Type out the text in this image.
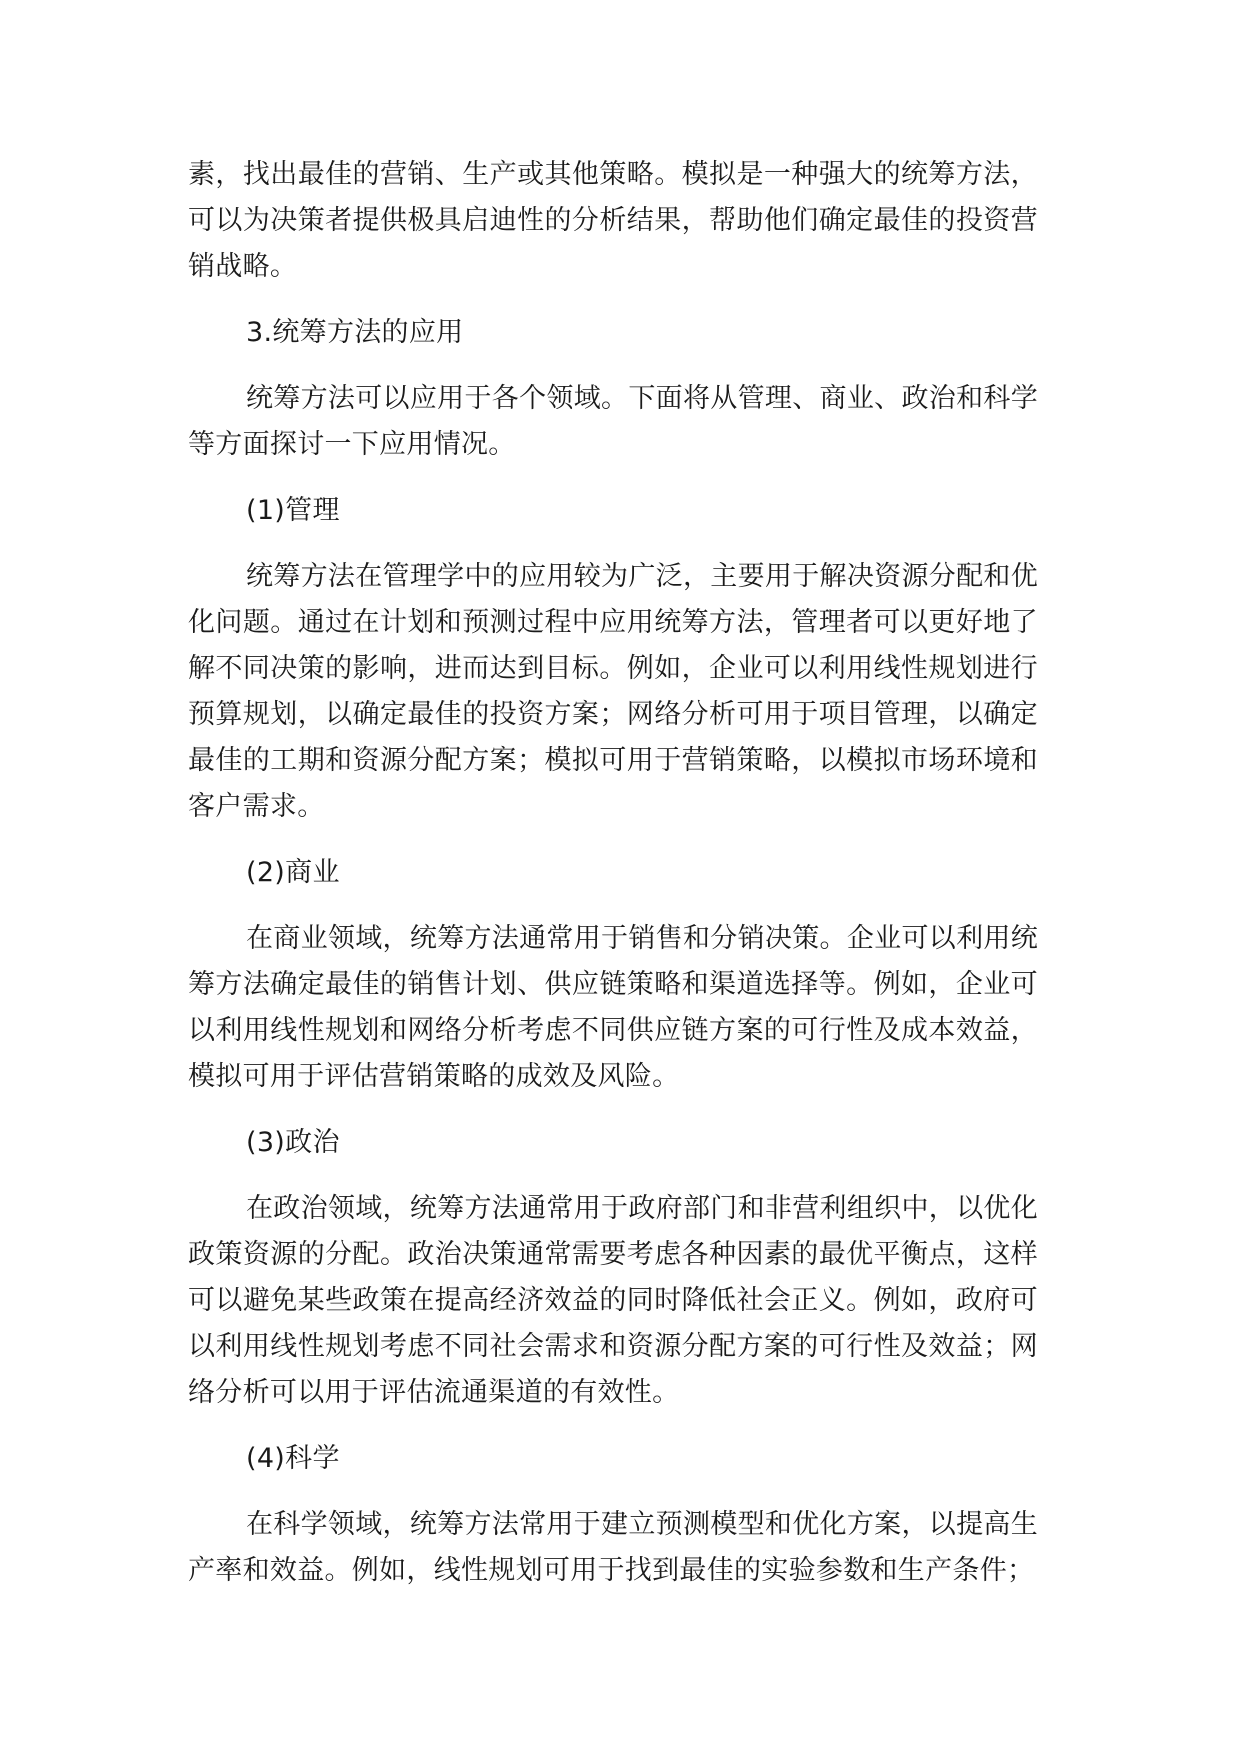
素，找出最佳的营销、生产或其他策略。模拟是一种强大的统筹方法，可以为决策者提供极具启迪性的分析结果，帮助他们确定最佳的投资营销战略。

3.统筹方法的应用

统筹方法可以应用于各个领域。下面将从管理、商业、政治和科学等方面探讨一下应用情况。

(1)管理

统筹方法在管理学中的应用较为广泛，主要用于解决资源分配和优化问题。通过在计划和预测过程中应用统筹方法，管理者可以更好地了解不同决策的影响，进而达到目标。例如，企业可以利用线性规划进行预算规划，以确定最佳的投资方案；网络分析可用于项目管理，以确定最佳的工期和资源分配方案；模拟可用于营销策略，以模拟市场环境和客户需求。

(2)商业

在商业领域，统筹方法通常用于销售和分销决策。企业可以利用统筹方法确定最佳的销售计划、供应链策略和渠道选择等。例如，企业可以利用线性规划和网络分析考虑不同供应链方案的可行性及成本效益，模拟可用于评估营销策略的成效及风险。

(3)政治

在政治领域，统筹方法通常用于政府部门和非营利组织中，以优化政策资源的分配。政治决策通常需要考虑各种因素的最优平衡点，这样可以避免某些政策在提高经济效益的同时降低社会正义。例如，政府可以利用线性规划考虑不同社会需求和资源分配方案的可行性及效益；网络分析可以用于评估流通渠道的有效性。

(4)科学

在科学领域，统筹方法常用于建立预测模型和优化方案，以提高生产率和效益。例如，线性规划可用于找到最佳的实验参数和生产条件；
